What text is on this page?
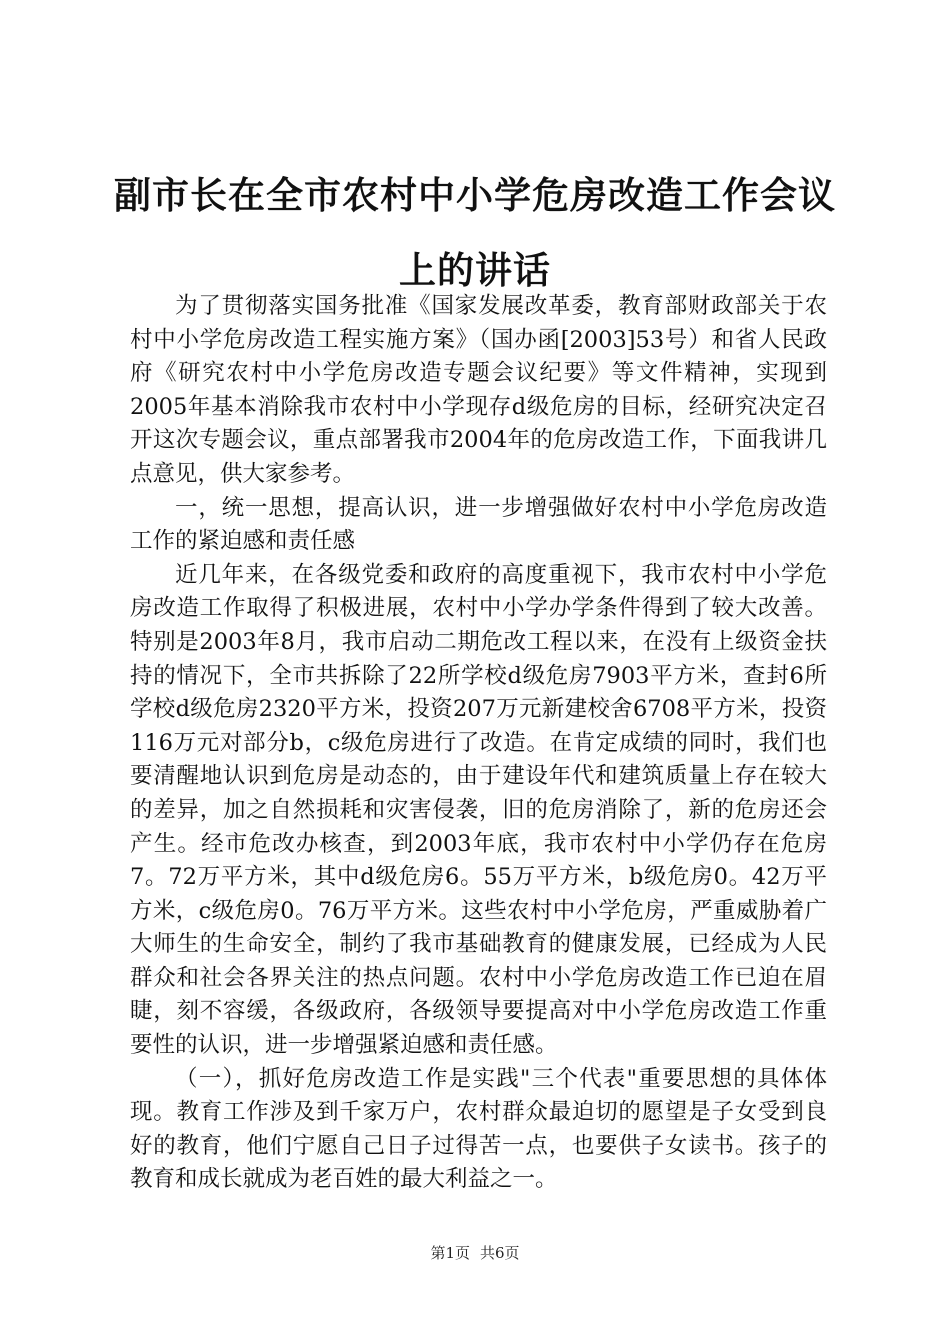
副市长在全市农村中小学危房改造工作会议上的讲话

为了贯彻落实国务批准《国家发展改革委，教育部财政部关于农村中小学危房改造工程实施方案》（国办函[2003]53号）和省人民政府《研究农村中小学危房改造专题会议纪要》等文件精神，实现到2005年基本消除我市农村中小学现存d级危房的目标，经研究决定召开这次专题会议，重点部署我市2004年的危房改造工作，下面我讲几点意见，供大家参考。

一，统一思想，提高认识，进一步增强做好农村中小学危房改造工作的紧迫感和责任感

近几年来，在各级党委和政府的高度重视下，我市农村中小学危房改造工作取得了积极进展，农村中小学办学条件得到了较大改善。特别是2003年8月，我市启动二期危改工程以来，在没有上级资金扶持的情况下，全市共拆除了22所学校d级危房7903平方米，查封6所学校d级危房2320平方米，投资207万元新建校舍6708平方米，投资116万元对部分b，c级危房进行了改造。在肯定成绩的同时，我们也要清醒地认识到危房是动态的，由于建设年代和建筑质量上存在较大的差异，加之自然损耗和灾害侵袭，旧的危房消除了，新的危房还会产生。经市危改办核查，到2003年底，我市农村中小学仍存在危房7。72万平方米，其中d级危房6。55万平方米，b级危房0。42万平方米，c级危房0。76万平方米。这些农村中小学危房，严重威胁着广大师生的生命安全，制约了我市基础教育的健康发展，已经成为人民群众和社会各界关注的热点问题。农村中小学危房改造工作已迫在眉睫，刻不容缓，各级政府，各级领导要提高对中小学危房改造工作重要性的认识，进一步增强紧迫感和责任感。

（一），抓好危房改造工作是实践"三个代表"重要思想的具体体现。教育工作涉及到千家万户，农村群众最迫切的愿望是子女受到良好的教育，他们宁愿自己日子过得苦一点，也要供子女读书。孩子的教育和成长就成为老百姓的最大利益之一。

第1页 共6页
